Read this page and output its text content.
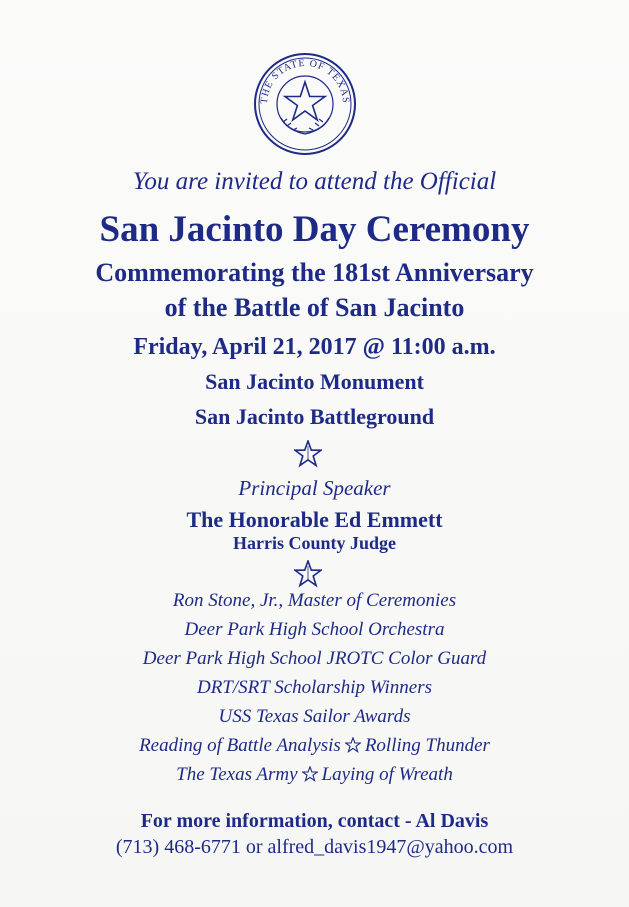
THE STATE OF TEXAS
You are invited to attend the Official
San Jacinto Day Ceremony
Commemorating the 181st Anniversary
of the Battle of San Jacinto
Friday, April 21, 2017 @ 11:00 a.m.
San Jacinto Monument
San Jacinto Battleground
Principal Speaker
The Honorable Ed Emmett
Harris County Judge
Ron Stone, Jr., Master of Ceremonies
Deer Park High School Orchestra
Deer Park High School JROTC Color Guard
DRT/SRT Scholarship Winners
USS Texas Sailor Awards
Reading of Battle Analysis Rolling Thunder
The Texas Army Laying of Wreath
For more information, contact - Al Davis
(713) 468-6771 or alfred_davis1947@yahoo.com
